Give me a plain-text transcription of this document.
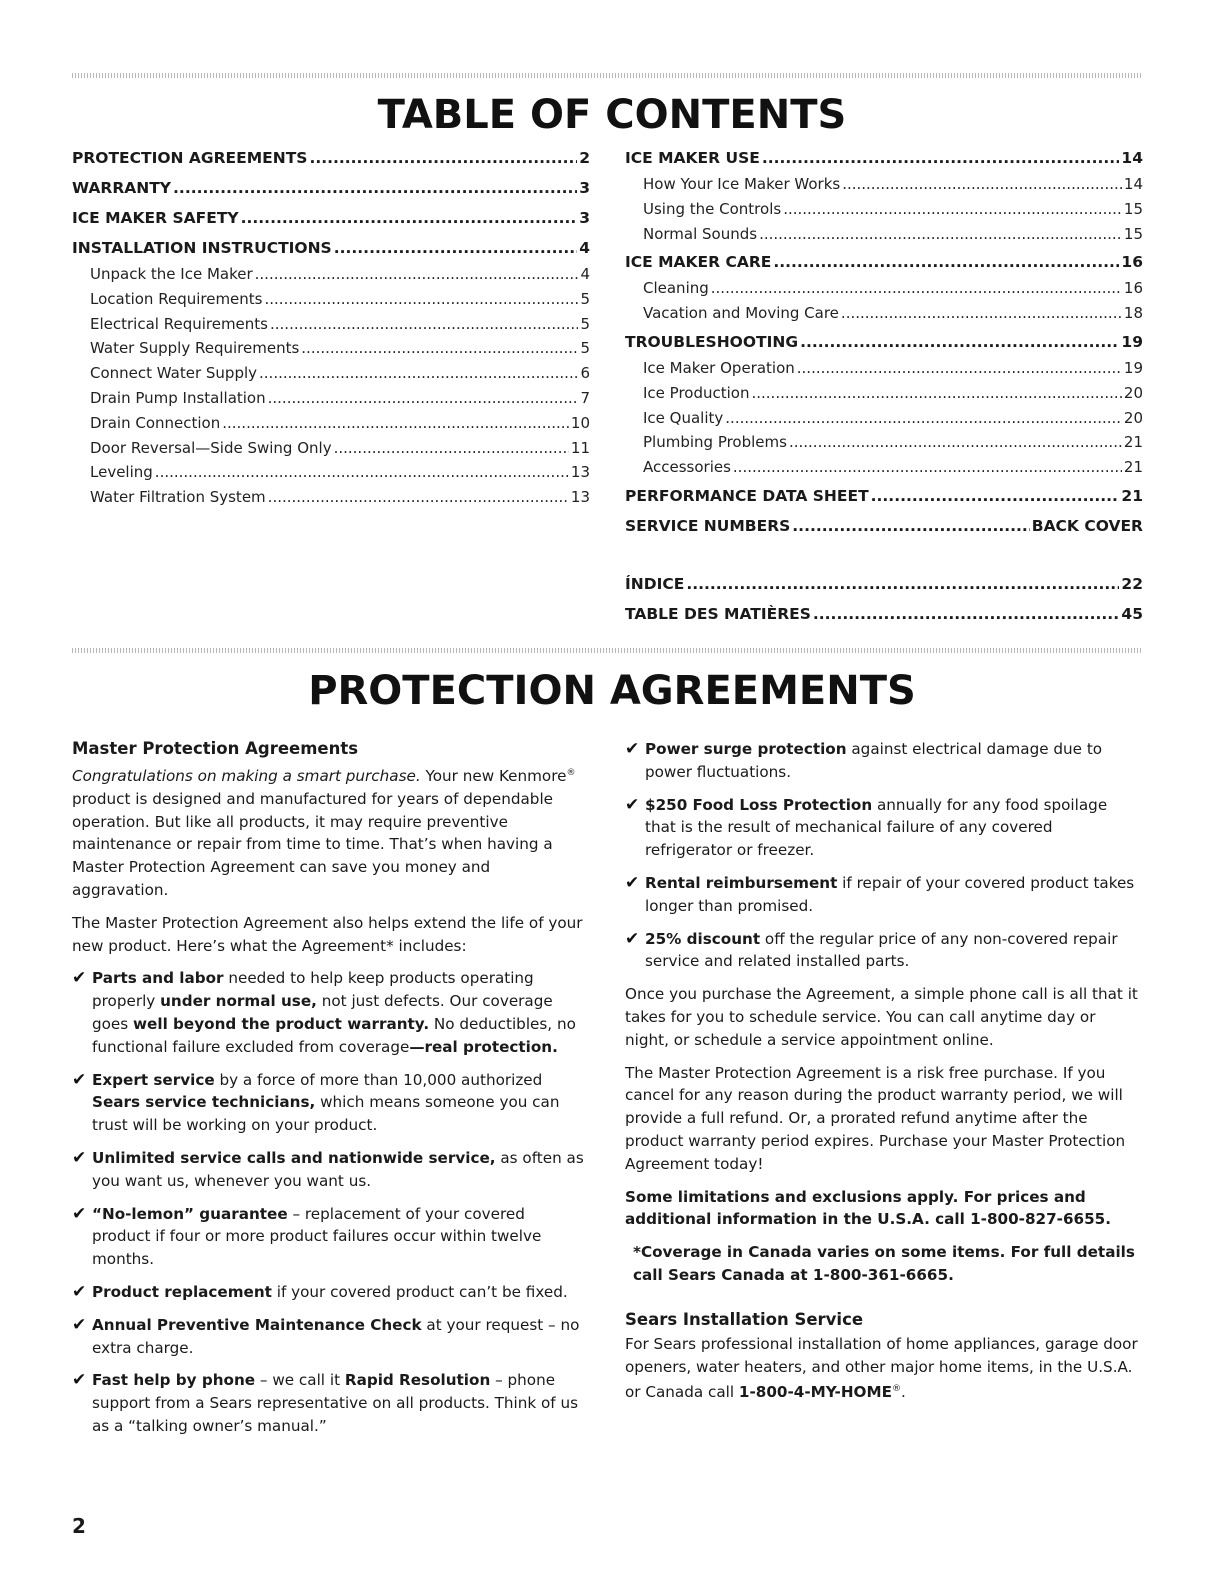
TABLE OF CONTENTS
PROTECTION AGREEMENTS .....	2
WARRANTY .....	3
ICE MAKER SAFETY .....	3
INSTALLATION INSTRUCTIONS .....	4
Unpack the Ice Maker .....	4
Location Requirements .....	5
Electrical Requirements .....	5
Water Supply Requirements .....	5
Connect Water Supply .....	6
Drain Pump Installation .....	7
Drain Connection .....	10
Door Reversal—Side Swing Only .....	11
Leveling .....	13
Water Filtration System .....	13
ICE MAKER USE .....	14
How Your Ice Maker Works .....	14
Using the Controls .....	15
Normal Sounds .....	15
ICE MAKER CARE .....	16
Cleaning .....	16
Vacation and Moving Care .....	18
TROUBLESHOOTING .....	19
Ice Maker Operation .....	19
Ice Production .....	20
Ice Quality .....	20
Plumbing Problems .....	21
Accessories .....	21
PERFORMANCE DATA SHEET .....	21
SERVICE NUMBERS .....	BACK COVER
ÍNDICE .....	22
TABLE DES MATIÈRES .....	45
PROTECTION AGREEMENTS
Master Protection Agreements

Congratulations on making a smart purchase. Your new Kenmore® product is designed and manufactured for years of dependable operation. But like all products, it may require preventive maintenance or repair from time to time. That’s when having a Master Protection Agreement can save you money and aggravation.

The Master Protection Agreement also helps extend the life of your new product. Here’s what the Agreement* includes:

✔ Parts and labor needed to help keep products operating properly under normal use, not just defects. Our coverage goes well beyond the product warranty. No deductibles, no functional failure excluded from coverage—real protection.
✔ Expert service by a force of more than 10,000 authorized Sears service technicians, which means someone you can trust will be working on your product.
✔ Unlimited service calls and nationwide service, as often as you want us, whenever you want us.
✔ “No-lemon” guarantee – replacement of your covered product if four or more product failures occur within twelve months.
✔ Product replacement if your covered product can’t be fixed.
✔ Annual Preventive Maintenance Check at your request – no extra charge.
✔ Fast help by phone – we call it Rapid Resolution – phone support from a Sears representative on all products. Think of us as a “talking owner’s manual.”
✔ Power surge protection against electrical damage due to power fluctuations.
✔ $250 Food Loss Protection annually for any food spoilage that is the result of mechanical failure of any covered refrigerator or freezer.
✔ Rental reimbursement if repair of your covered product takes longer than promised.
✔ 25% discount off the regular price of any non-covered repair service and related installed parts.

Once you purchase the Agreement, a simple phone call is all that it takes for you to schedule service. You can call anytime day or night, or schedule a service appointment online.

The Master Protection Agreement is a risk free purchase. If you cancel for any reason during the product warranty period, we will provide a full refund. Or, a prorated refund anytime after the product warranty period expires. Purchase your Master Protection Agreement today!

Some limitations and exclusions apply. For prices and additional information in the U.S.A. call 1-800-827-6655.

*Coverage in Canada varies on some items. For full details call Sears Canada at 1-800-361-6665.

Sears Installation Service

For Sears professional installation of home appliances, garage door openers, water heaters, and other major home items, in the U.S.A. or Canada call 1-800-4-MY-HOME®.

2
